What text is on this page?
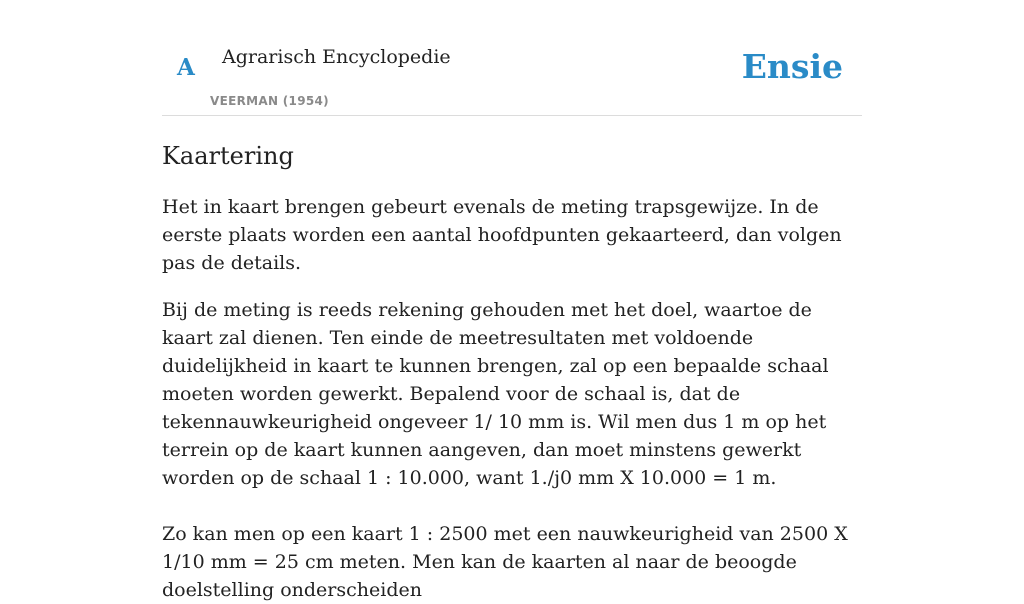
A Agrarisch Encyclopedie
VEERMAN (1954)
Ensie
Kaartering

Het in kaart brengen gebeurt evenals de meting trapsgewijze. In de eerste plaats worden een aantal hoofdpunten gekaarteerd, dan volgen pas de details.

Bij de meting is reeds rekening gehouden met het doel, waartoe de kaart zal dienen. Ten einde de meetresultaten met voldoende duidelijkheid in kaart te kunnen brengen, zal op een bepaalde schaal moeten worden gewerkt. Bepalend voor de schaal is, dat de tekennauwkeurigheid ongeveer 1/ 10 mm is. Wil men dus 1 m op het terrein op de kaart kunnen aangeven, dan moet minstens gewerkt worden op de schaal 1 : 10.000, want 1./j0 mm X 10.000 = 1 m.

Zo kan men op een kaart 1 : 2500 met een nauwkeurigheid van 2500 X 1/10 mm = 25 cm meten. Men kan de kaarten al naar de beoogde doelstelling onderscheiden
